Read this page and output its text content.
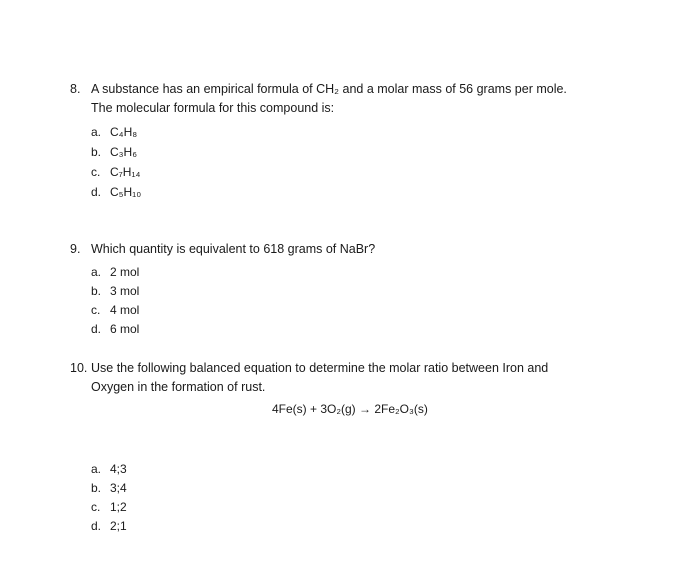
8. A substance has an empirical formula of CH₂ and a molar mass of 56 grams per mole.
The molecular formula for this compound is:
a. C₄H₈
b. C₃H₆
c. C₇H₁₄
d. C₅H₁₀
9. Which quantity is equivalent to 618 grams of NaBr?
a. 2 mol
b. 3 mol
c. 4 mol
d. 6 mol
10. Use the following balanced equation to determine the molar ratio between Iron and
Oxygen in the formation of rust.
4Fe(s) + 3O₂(g) → 2Fe₂O₃(s)
a. 4;3
b. 3;4
c. 1;2
d. 2;1
